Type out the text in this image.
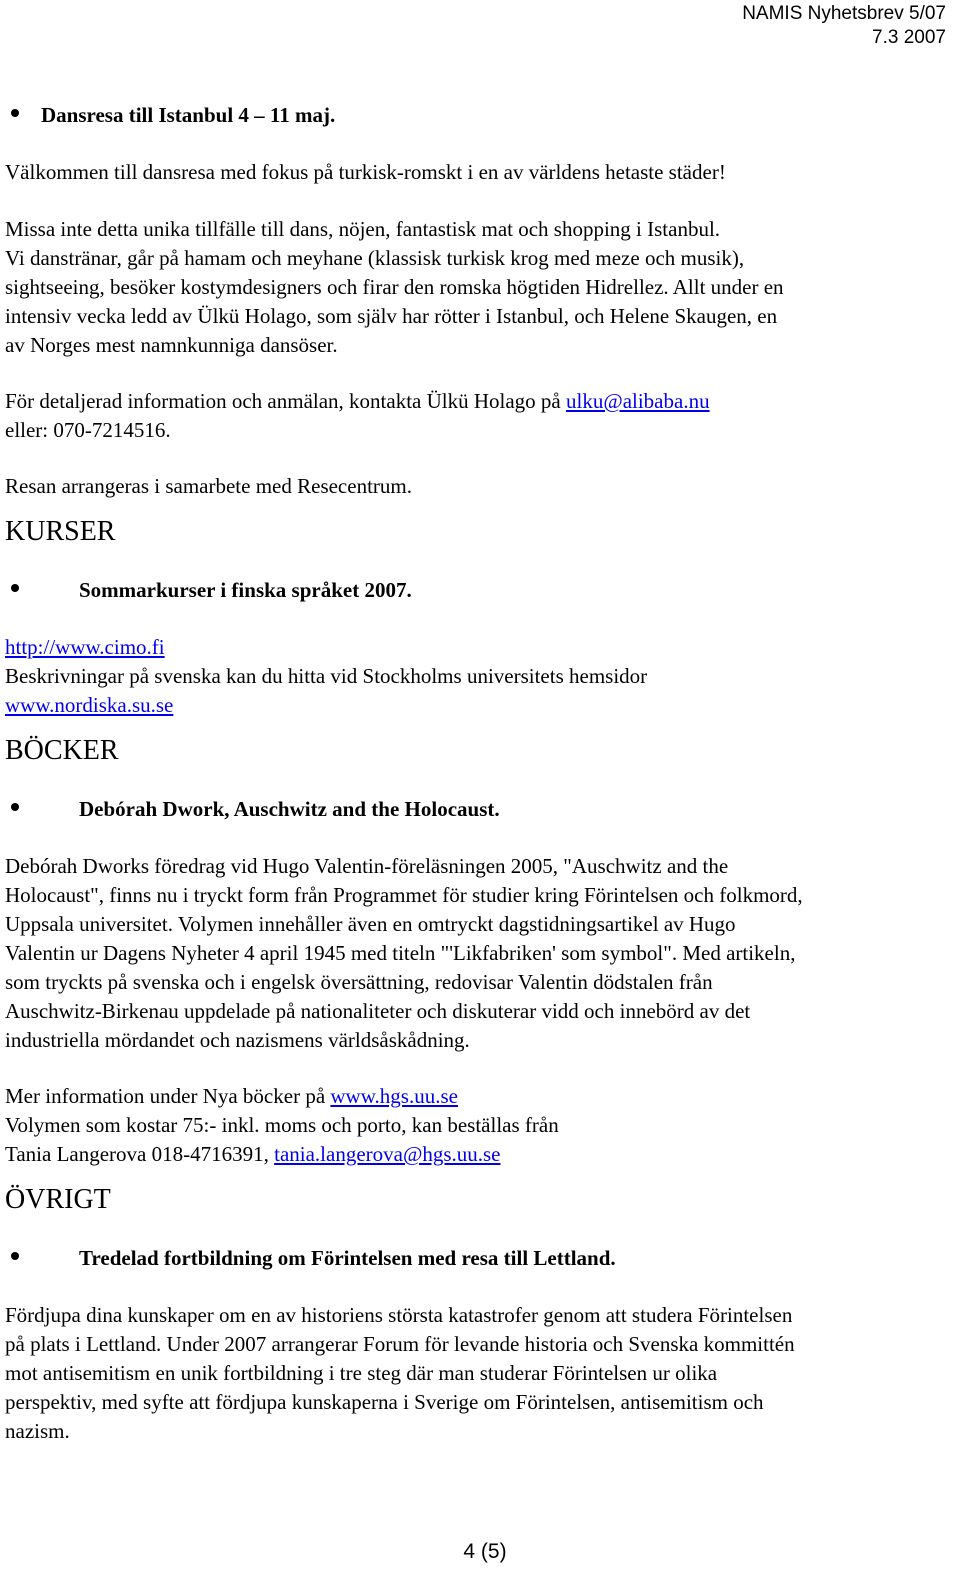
NAMIS Nyhetsbrev 5/07
7.3 2007
Dansresa till Istanbul 4 – 11 maj.

Välkommen till dansresa med fokus på turkisk-romskt i en av världens hetaste städer!

Missa inte detta unika tillfälle till dans, nöjen, fantastisk mat och shopping i Istanbul.

Vi danstränar, går på hamam och meyhane (klassisk turkisk krog med meze och musik),

sightseeing, besöker kostymdesigners och firar den romska högtiden Hidrellez. Allt under en

intensiv vecka ledd av Ülkü Holago, som själv har rötter i Istanbul, och Helene Skaugen, en

av Norges mest namnkunniga dansöser.

För detaljerad information och anmälan, kontakta Ülkü Holago på ulku@alibaba.nu

eller: 070-7214516.

Resan arrangeras i samarbete med Resecentrum.

KURSER
Sommarkurser i finska språket 2007.

http://www.cimo.fi

Beskrivningar på svenska kan du hitta vid Stockholms universitets hemsidor

www.nordiska.su.se

BÖCKER
Debórah Dwork, Auschwitz and the Holocaust.

Debórah Dworks föredrag vid Hugo Valentin-föreläsningen 2005, "Auschwitz and the

Holocaust", finns nu i tryckt form från Programmet för studier kring Förintelsen och folkmord,

Uppsala universitet. Volymen innehåller även en omtryckt dagstidningsartikel av Hugo

Valentin ur Dagens Nyheter 4 april 1945 med titeln "'Likfabriken' som symbol". Med artikeln,

som tryckts på svenska och i engelsk översättning, redovisar Valentin dödstalen från

Auschwitz-Birkenau uppdelade på nationaliteter och diskuterar vidd och innebörd av det

industriella mördandet och nazismens världsåskådning.

Mer information under Nya böcker på www.hgs.uu.se

Volymen som kostar 75:- inkl. moms och porto, kan beställas från

Tania Langerova 018-4716391, tania.langerova@hgs.uu.se

ÖVRIGT
Tredelad fortbildning om Förintelsen med resa till Lettland.

Fördjupa dina kunskaper om en av historiens största katastrofer genom att studera Förintelsen

på plats i Lettland. Under 2007 arrangerar Forum för levande historia och Svenska kommittén

mot antisemitism en unik fortbildning i tre steg där man studerar Förintelsen ur olika

perspektiv, med syfte att fördjupa kunskaperna i Sverige om Förintelsen, antisemitism och

nazism.

4 (5)
